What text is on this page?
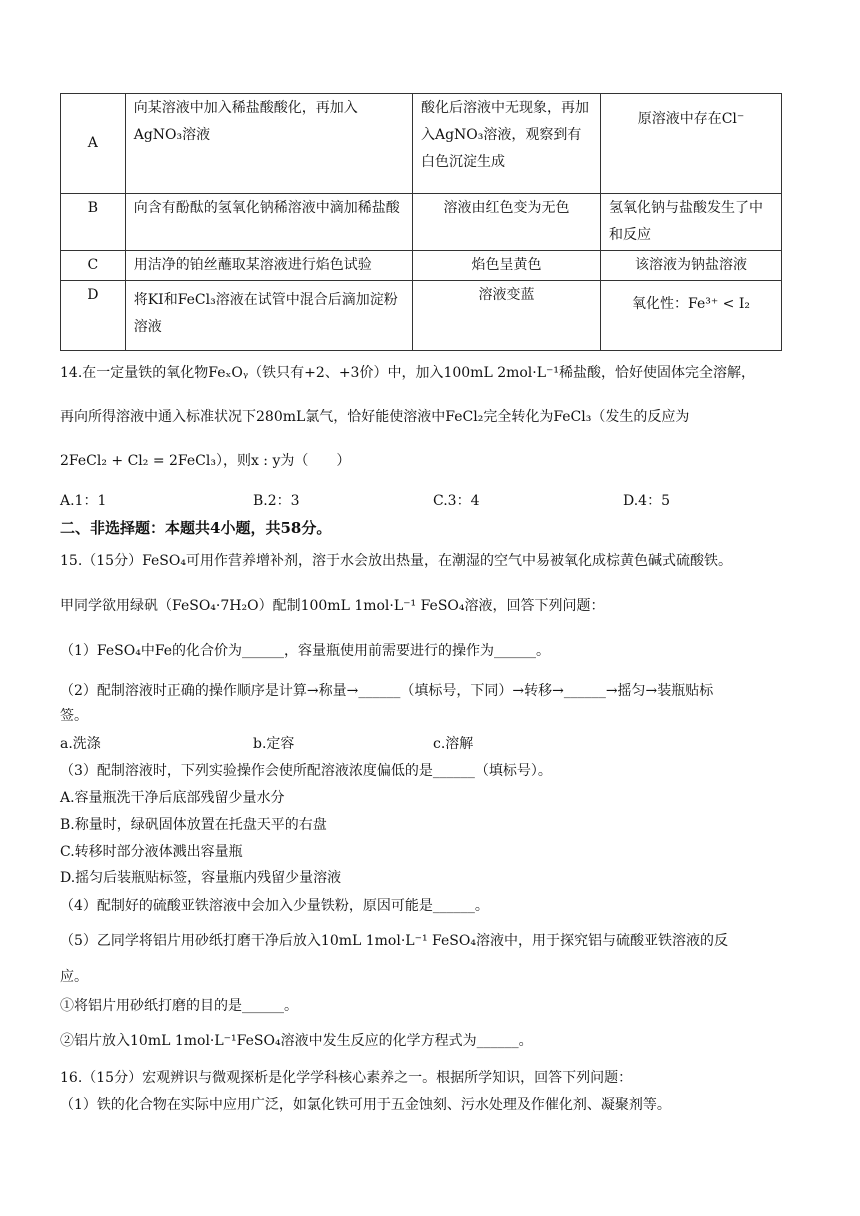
A	向某溶液中加入稀盐酸酸化，再加入AgNO₃溶液	酸化后溶液中无现象，再加入AgNO₃溶液，观察到有白色沉淀生成	原溶液中存在Cl⁻
B	向含有酚酞的氢氧化钠稀溶液中滴加稀盐酸	溶液由红色变为无色	氢氧化钠与盐酸发生了中和反应
C	用洁净的铂丝蘸取某溶液进行焰色试验	焰色呈黄色	该溶液为钠盐溶液
D	将KI和FeCl₃溶液在试管中混合后滴加淀粉溶液	溶液变蓝	氧化性：Fe³⁺ < I₂
14.在一定量铁的氧化物FeₓOᵧ（铁只有+2、+3价）中，加入100mL 2mol·L⁻¹稀盐酸，恰好使固体完全溶解，
再向所得溶液中通入标准状况下280mL氯气，恰好能使溶液中FeCl₂完全转化为FeCl₃（发生的反应为
2FeCl₂ + Cl₂ = 2FeCl₃），则x : y为（　　）
A.1：1	B.2：3	C.3：4	D.4：5
二、非选择题：本题共4小题，共58分。
15.（15分）FeSO₄可用作营养增补剂，溶于水会放出热量，在潮湿的空气中易被氧化成棕黄色碱式硫酸铁。
甲同学欲用绿矾（FeSO₄·7H₂O）配制100mL 1mol·L⁻¹ FeSO₄溶液，回答下列问题：
（1）FeSO₄中Fe的化合价为______，容量瓶使用前需要进行的操作为______。
（2）配制溶液时正确的操作顺序是计算→称量→______（填标号，下同）→转移→______→摇匀→装瓶贴标
签。
a.洗涤	b.定容	c.溶解
（3）配制溶液时，下列实验操作会使所配溶液浓度偏低的是______（填标号）。
A.容量瓶洗干净后底部残留少量水分
B.称量时，绿矾固体放置在托盘天平的右盘
C.转移时部分液体溅出容量瓶
D.摇匀后装瓶贴标签，容量瓶内残留少量溶液
（4）配制好的硫酸亚铁溶液中会加入少量铁粉，原因可能是______。
（5）乙同学将铝片用砂纸打磨干净后放入10mL 1mol·L⁻¹ FeSO₄溶液中，用于探究铝与硫酸亚铁溶液的反
应。
①将铝片用砂纸打磨的目的是______。
②铝片放入10mL 1mol·L⁻¹FeSO₄溶液中发生反应的化学方程式为______。
16.（15分）宏观辨识与微观探析是化学学科核心素养之一。根据所学知识，回答下列问题：
（1）铁的化合物在实际中应用广泛，如氯化铁可用于五金蚀刻、污水处理及作催化剂、凝聚剂等。
